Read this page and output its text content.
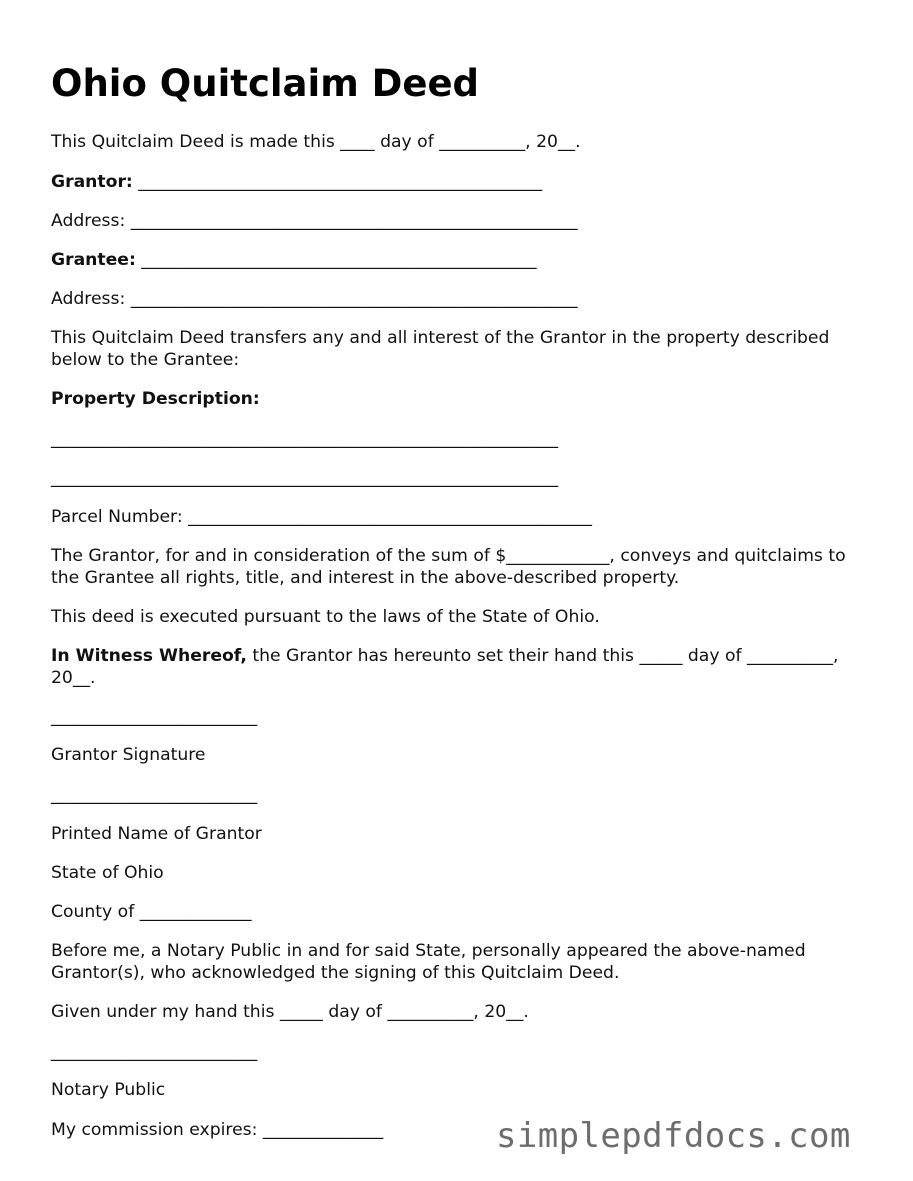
Ohio Quitclaim Deed
This Quitclaim Deed is made this ____ day of __________, 20__.
Grantor: _______________________________________________
Address: ____________________________________________________
Grantee: ______________________________________________
Address: ____________________________________________________
This Quitclaim Deed transfers any and all interest of the Grantor in the property described below to the Grantee:
Property Description:
___________________________________________________________
___________________________________________________________
Parcel Number: _______________________________________________
The Grantor, for and in consideration of the sum of $____________, conveys and quitclaims to the Grantee all rights, title, and interest in the above-described property.
This deed is executed pursuant to the laws of the State of Ohio.
In Witness Whereof, the Grantor has hereunto set their hand this _____ day of __________, 20__.
________________________
Grantor Signature
________________________
Printed Name of Grantor
State of Ohio
County of _____________
Before me, a Notary Public in and for said State, personally appeared the above-named Grantor(s), who acknowledged the signing of this Quitclaim Deed.
Given under my hand this _____ day of __________, 20__.
________________________
Notary Public
My commission expires: ______________	simplepdfdocs.com
